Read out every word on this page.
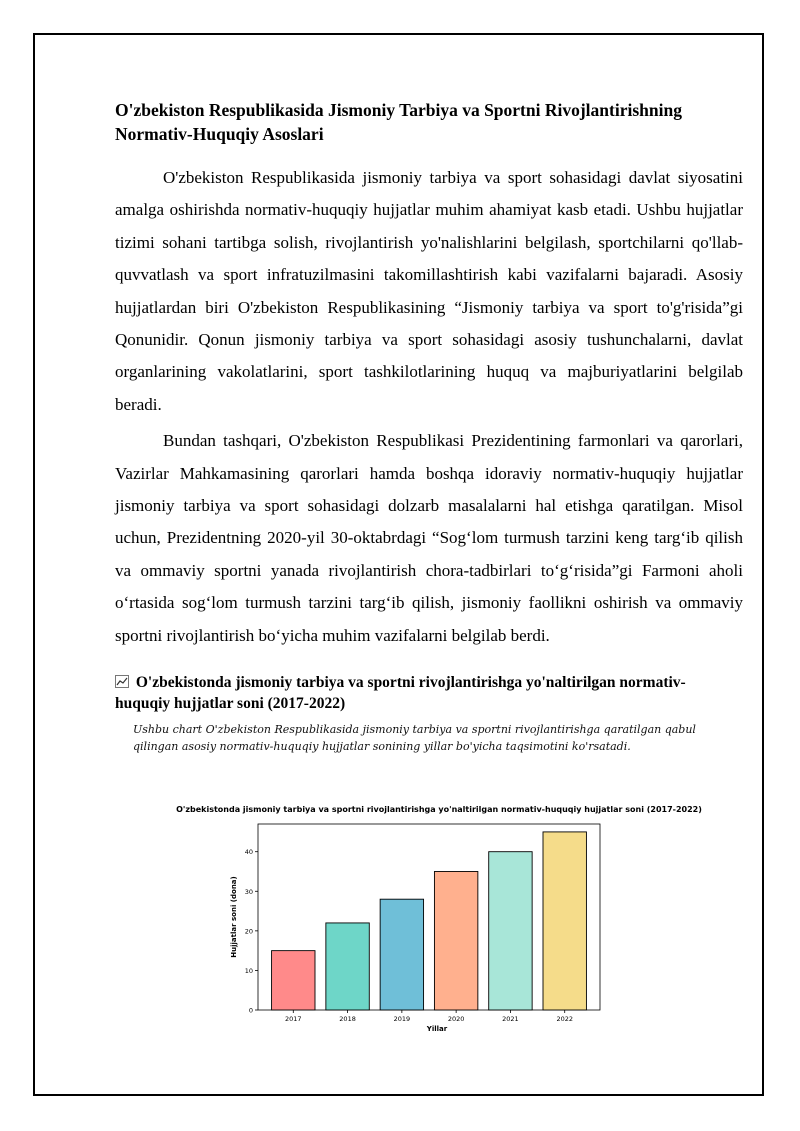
O'zbekiston Respublikasida Jismoniy Tarbiya va Sportni Rivojlantirishning Normativ-Huquqiy Asoslari

O'zbekiston Respublikasida jismoniy tarbiya va sport sohasidagi davlat siyosatini amalga oshirishda normativ-huquqiy hujjatlar muhim ahamiyat kasb etadi. Ushbu hujjatlar tizimi sohani tartibga solish, rivojlantirish yo'nalishlarini belgilash, sportchilarni qo'llab-quvvatlash va sport infratuzilmasini takomillashtirish kabi vazifalarni bajaradi. Asosiy hujjatlardan biri O'zbekiston Respublikasining “Jismoniy tarbiya va sport to'g'risida”gi Qonunidir. Qonun jismoniy tarbiya va sport sohasidagi asosiy tushunchalarni, davlat organlarining vakolatlarini, sport tashkilotlarining huquq va majburiyatlarini belgilab beradi.

Bundan tashqari, O'zbekiston Respublikasi Prezidentining farmonlari va qarorlari, Vazirlar Mahkamasining qarorlari hamda boshqa idoraviy normativ-huquqiy hujjatlar jismoniy tarbiya va sport sohasidagi dolzarb masalalarni hal etishga qaratilgan. Misol uchun, Prezidentning 2020-yil 30-oktabrdagi “Sog‘lom turmush tarzini keng targ‘ib qilish va ommaviy sportni yanada rivojlantirish chora-tadbirlari to‘g‘risida”gi Farmoni aholi o‘rtasida sog‘lom turmush tarzini targ‘ib qilish, jismoniy faollikni oshirish va ommaviy sportni rivojlantirish bo‘yicha muhim vazifalarni belgilab berdi.

O'zbekistonda jismoniy tarbiya va sportni rivojlantirishga yo'naltirilgan normativ-huquqiy hujjatlar soni (2017-2022)

Ushbu chart O'zbekiston Respublikasida jismoniy tarbiya va sportni rivojlantirishga qaratilgan qabul qilingan asosiy normativ-huquqiy hujjatlar sonining yillar bo'yicha taqsimotini ko'rsatadi.

O'zbekistonda jismoniy tarbiya va sportni rivojlantirishga yo'naltirilgan normativ-huquqiy hujjatlar soni (2017-2022)
0
10
20
30
40
2017	2018	2019	2020	2021	2022
Yillar
Hujjatlar soni (dona)
